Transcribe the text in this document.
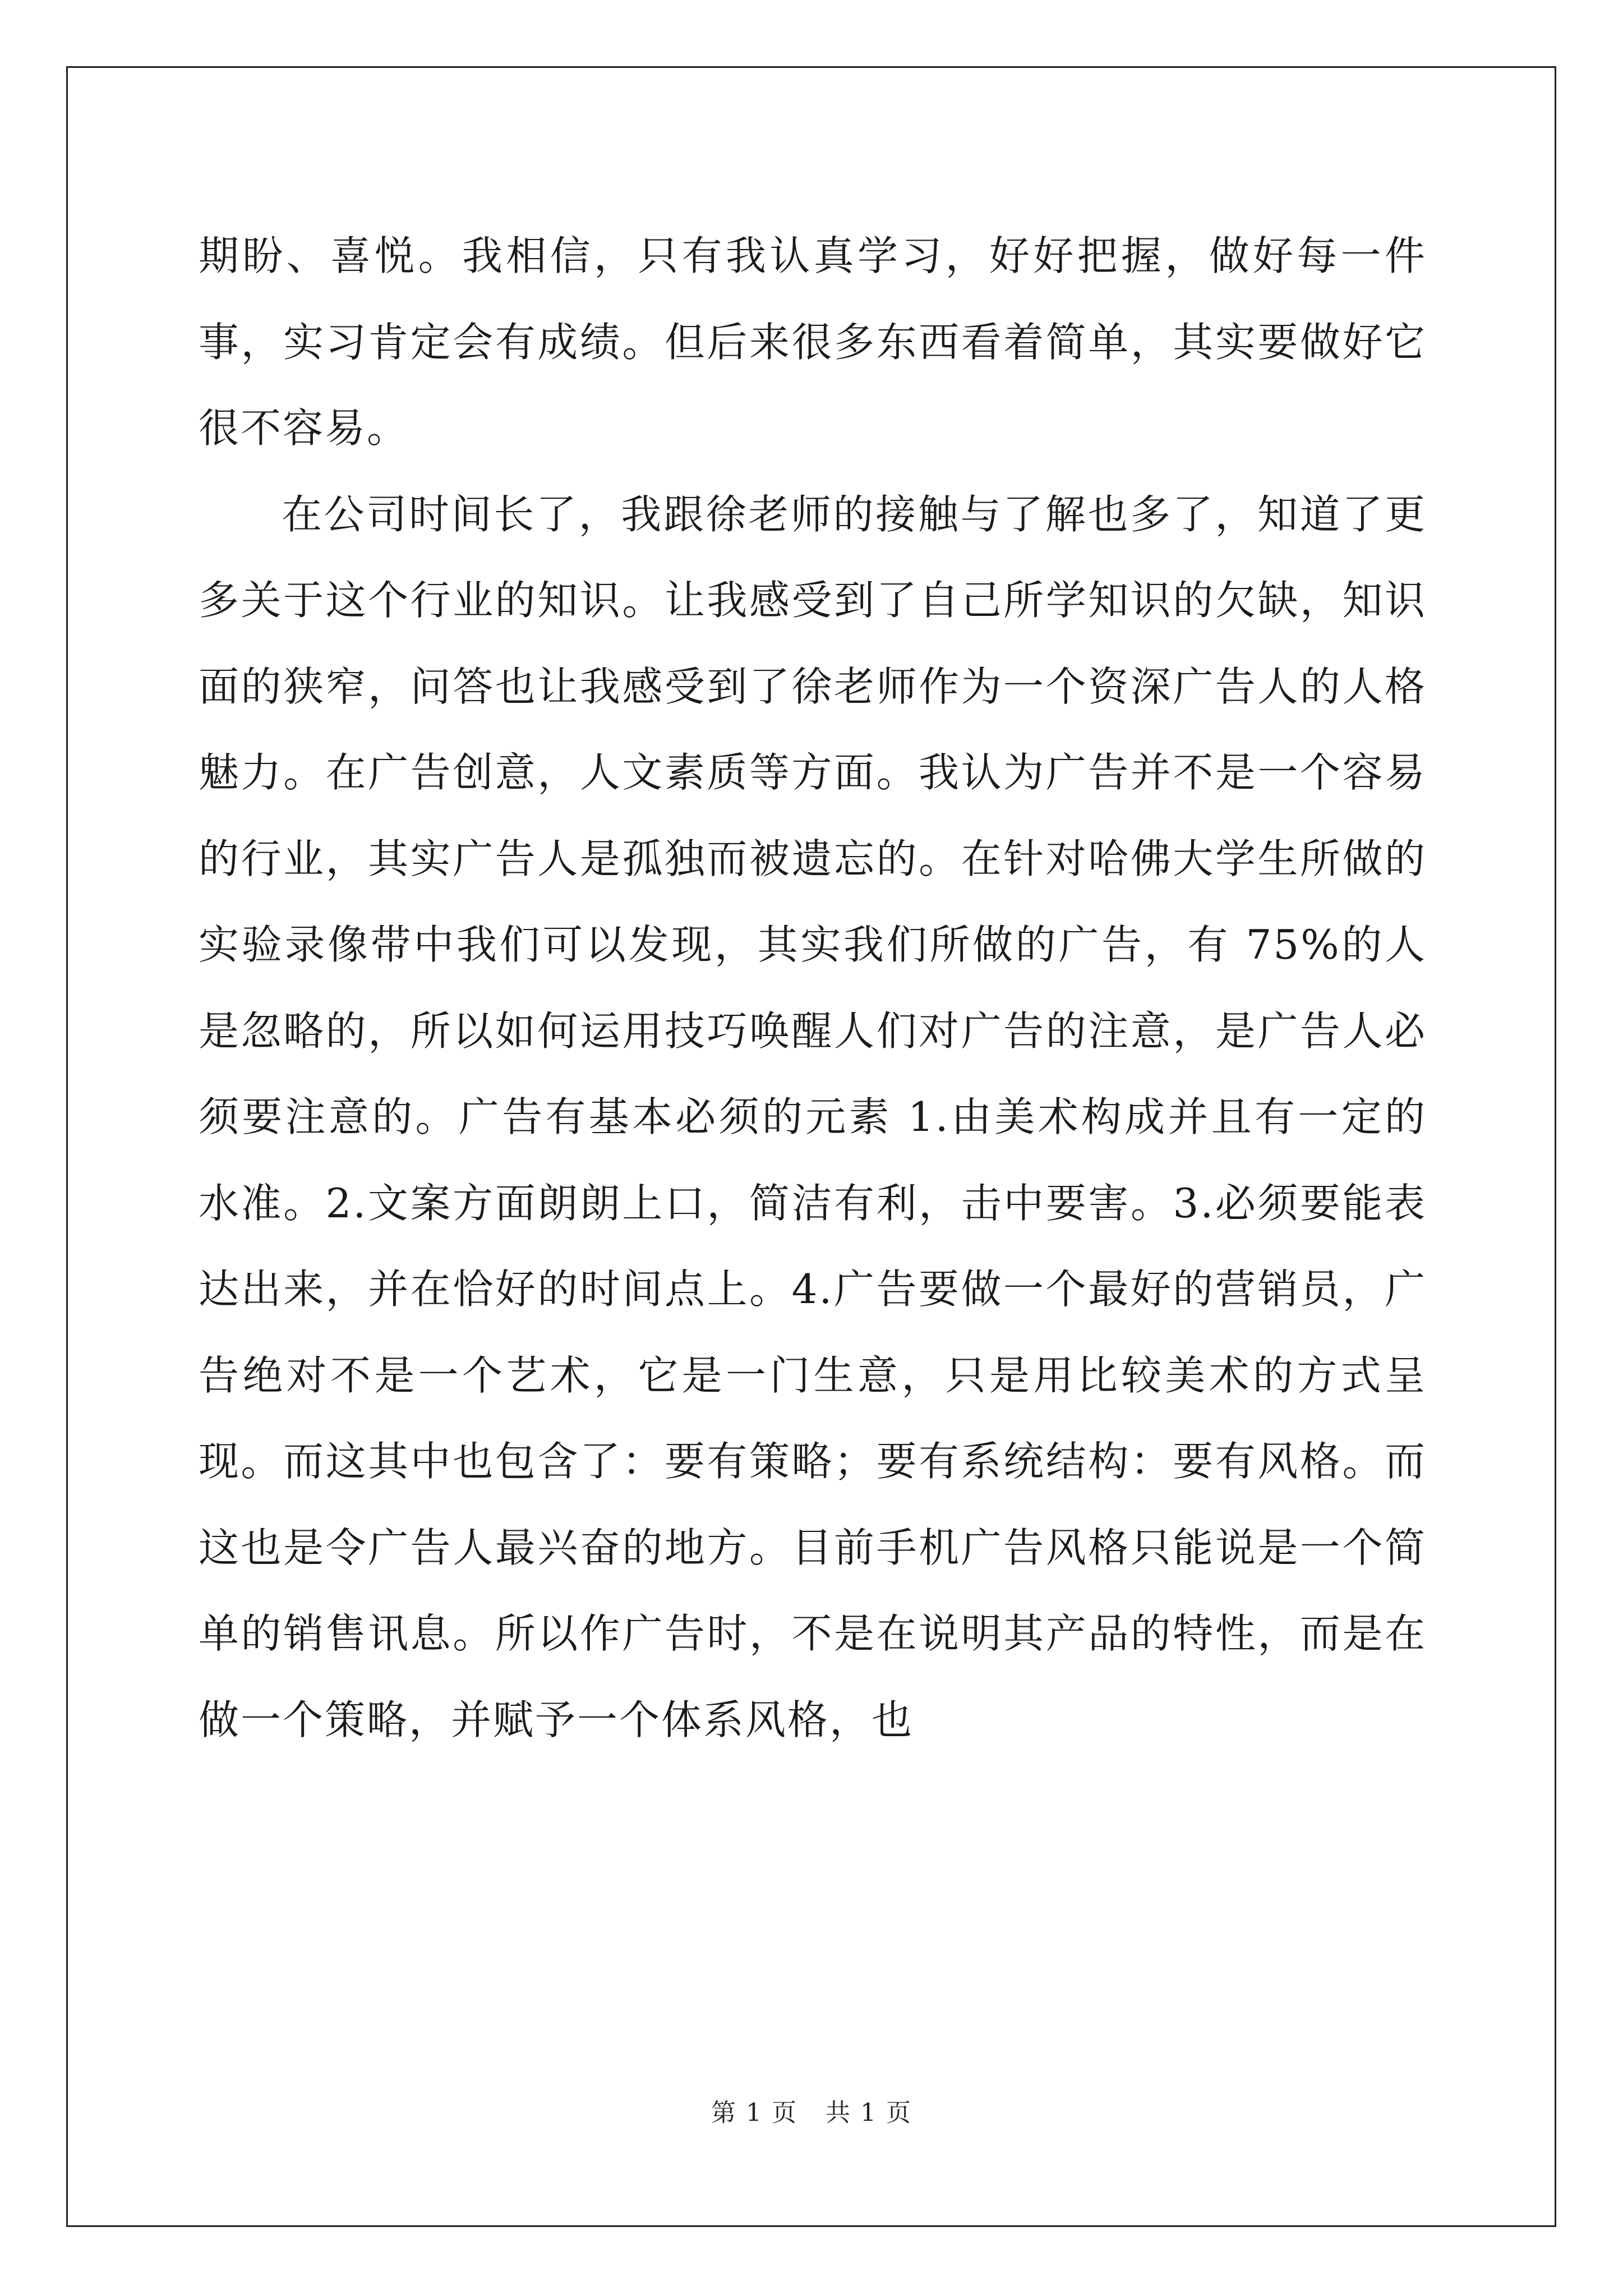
期盼、喜悦。我相信，只有我认真学习，好好把握，做好每一件事，实习肯定会有成绩。但后来很多东西看着简单，其实要做好它很不容易。

在公司时间长了，我跟徐老师的接触与了解也多了，知道了更多关于这个行业的知识。让我感受到了自己所学知识的欠缺，知识面的狭窄，问答也让我感受到了徐老师作为一个资深广告人的人格魅力。在广告创意，人文素质等方面。我认为广告并不是一个容易的行业，其实广告人是孤独而被遗忘的。在针对哈佛大学生所做的实验录像带中我们可以发现，其实我们所做的广告，有 75%的人是忽略的，所以如何运用技巧唤醒人们对广告的注意，是广告人必须要注意的。广告有基本必须的元素 1.由美术构成并且有一定的水准。2.文案方面朗朗上口，简洁有利，击中要害。3.必须要能表达出来，并在恰好的时间点上。4.广告要做一个最好的营销员，广告绝对不是一个艺术，它是一门生意，只是用比较美术的方式呈现。而这其中也包含了：要有策略；要有系统结构：要有风格。而这也是令广告人最兴奋的地方。目前手机广告风格只能说是一个简单的销售讯息。所以作广告时，不是在说明其产品的特性，而是在做一个策略，并赋予一个体系风格，也

第 1 页 共 1 页
